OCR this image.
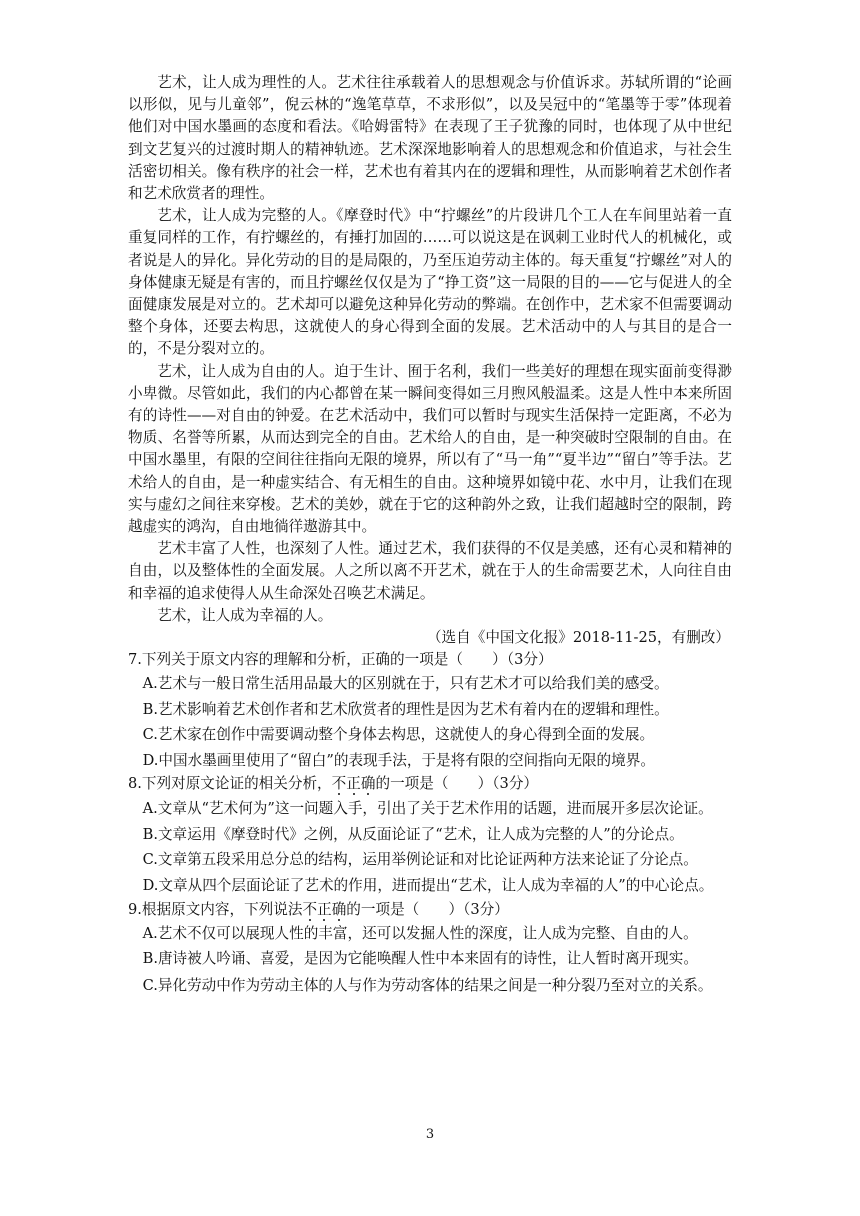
艺术，让人成为理性的人。艺术往往承载着人的思想观念与价值诉求。苏轼所谓的“论画以形似，见与儿童邻”，倪云林的“逸笔草草，不求形似”，以及吴冠中的“笔墨等于零”体现着他们对中国水墨画的态度和看法。《哈姆雷特》在表现了王子犹豫的同时，也体现了从中世纪到文艺复兴的过渡时期人的精神轨迹。艺术深深地影响着人的思想观念和价值追求，与社会生活密切相关。像有秩序的社会一样，艺术也有着其内在的逻辑和理性，从而影响着艺术创作者和艺术欣赏者的理性。

艺术，让人成为完整的人。《摩登时代》中“拧螺丝”的片段讲几个工人在车间里站着一直重复同样的工作，有拧螺丝的，有捶打加固的……可以说这是在讽刺工业时代人的机械化，或者说是人的异化。异化劳动的目的是局限的，乃至压迫劳动主体的。每天重复“拧螺丝”对人的身体健康无疑是有害的，而且拧螺丝仅仅是为了“挣工资”这一局限的目的——它与促进人的全面健康发展是对立的。艺术却可以避免这种异化劳动的弊端。在创作中，艺术家不但需要调动整个身体，还要去构思，这就使人的身心得到全面的发展。艺术活动中的人与其目的是合一的，不是分裂对立的。

艺术，让人成为自由的人。迫于生计、囿于名利，我们一些美好的理想在现实面前变得渺小卑微。尽管如此，我们的内心都曾在某一瞬间变得如三月煦风般温柔。这是人性中本来所固有的诗性——对自由的钟爱。在艺术活动中，我们可以暂时与现实生活保持一定距离，不必为物质、名誉等所累，从而达到完全的自由。艺术给人的自由，是一种突破时空限制的自由。在中国水墨里，有限的空间往往指向无限的境界，所以有了“马一角”“夏半边”“留白”等手法。艺术给人的自由，是一种虚实结合、有无相生的自由。这种境界如镜中花、水中月，让我们在现实与虚幻之间往来穿梭。艺术的美妙，就在于它的这种韵外之致，让我们超越时空的限制，跨越虚实的鸿沟，自由地徜徉遨游其中。

艺术丰富了人性，也深刻了人性。通过艺术，我们获得的不仅是美感，还有心灵和精神的自由，以及整体性的全面发展。人之所以离不开艺术，就在于人的生命需要艺术，人向往自由和幸福的追求使得人从生命深处召唤艺术满足。

艺术，让人成为幸福的人。

（选自《中国文化报》2018-11-25，有删改）

7.下列关于原文内容的理解和分析，正确的一项是（　　）（3分）

A.艺术与一般日常生活用品最大的区别就在于，只有艺术才可以给我们美的感受。

B.艺术影响着艺术创作者和艺术欣赏者的理性是因为艺术有着内在的逻辑和理性。

C.艺术家在创作中需要调动整个身体去构思，这就使人的身心得到全面的发展。

D.中国水墨画里使用了“留白”的表现手法，于是将有限的空间指向无限的境界。

8.下列对原文论证的相关分析，不正确的一项是（　　）（3分）

A.文章从“艺术何为”这一问题入手，引出了关于艺术作用的话题，进而展开多层次论证。

B.文章运用《摩登时代》之例，从反面论证了“艺术，让人成为完整的人”的分论点。

C.文章第五段采用总分总的结构，运用举例论证和对比论证两种方法来论证了分论点。

D.文章从四个层面论证了艺术的作用，进而提出“艺术，让人成为幸福的人”的中心论点。

9.根据原文内容，下列说法不正确的一项是（　　）（3分）

A.艺术不仅可以展现人性的丰富，还可以发掘人性的深度，让人成为完整、自由的人。

B.唐诗被人吟诵、喜爱，是因为它能唤醒人性中本来固有的诗性，让人暂时离开现实。

C.异化劳动中作为劳动主体的人与作为劳动客体的结果之间是一种分裂乃至对立的关系。

3
